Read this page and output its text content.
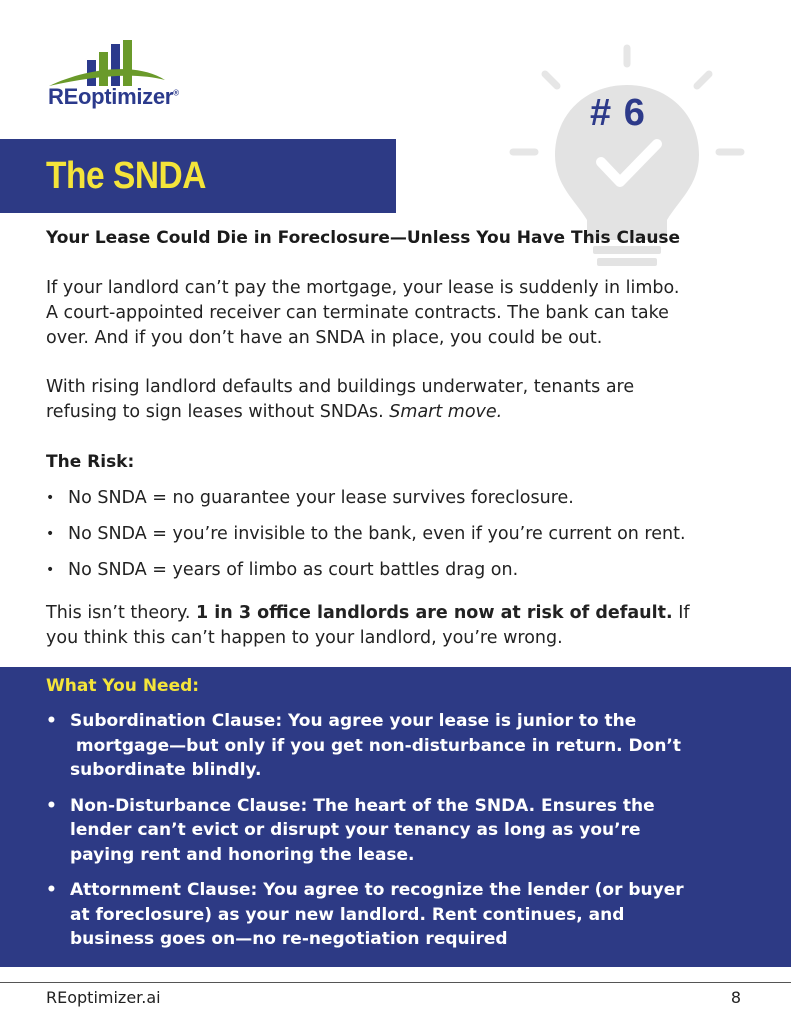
REoptimizer®	# 6
The SNDA
Your Lease Could Die in Foreclosure—Unless You Have This Clause
If your landlord can’t pay the mortgage, your lease is suddenly in limbo.
A court-appointed receiver can terminate contracts. The bank can take
over. And if you don’t have an SNDA in place, you could be out.
With rising landlord defaults and buildings underwater, tenants are
refusing to sign leases without SNDAs. Smart move.
The Risk:
• No SNDA = no guarantee your lease survives foreclosure.
• No SNDA = you’re invisible to the bank, even if you’re current on rent.
• No SNDA = years of limbo as court battles drag on.
This isn’t theory. 1 in 3 office landlords are now at risk of default. If
you think this can’t happen to your landlord, you’re wrong.
What You Need:
• Subordination Clause: You agree your lease is junior to the
mortgage—but only if you get non-disturbance in return. Don’t
subordinate blindly.
• Non-Disturbance Clause: The heart of the SNDA. Ensures the
lender can’t evict or disrupt your tenancy as long as you’re
paying rent and honoring the lease.
• Attornment Clause: You agree to recognize the lender (or buyer
at foreclosure) as your new landlord. Rent continues, and
business goes on—no re-negotiation required
REoptimizer.ai	8
